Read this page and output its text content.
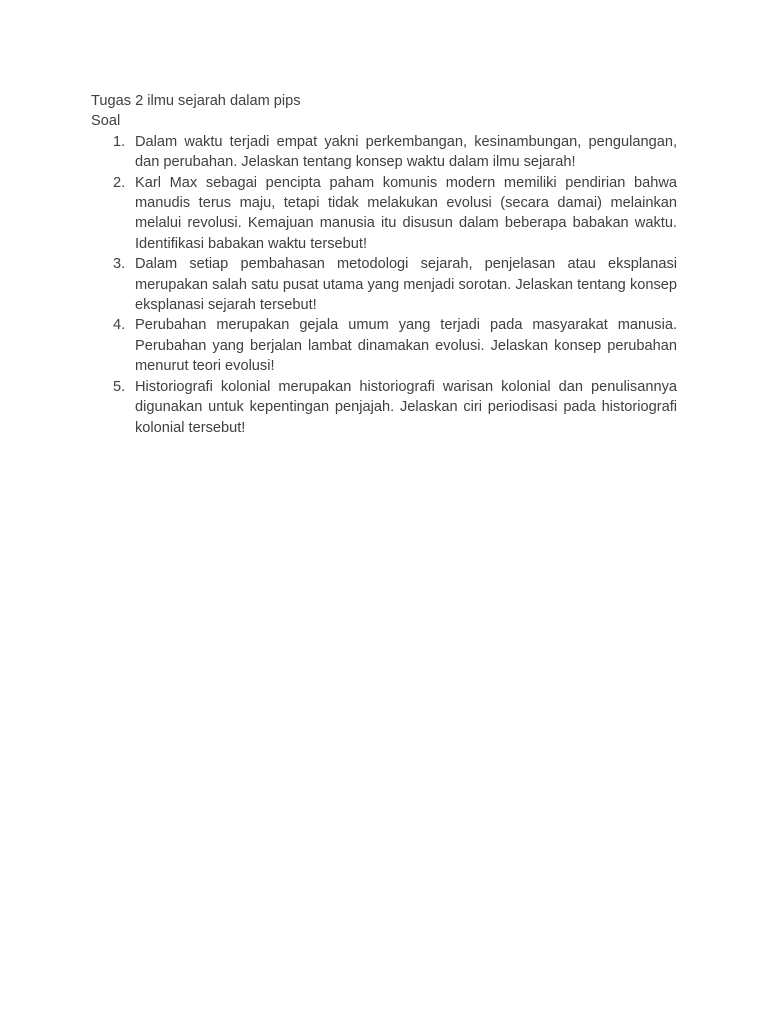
Tugas 2 ilmu sejarah dalam pips

Soal

1. Dalam waktu terjadi empat yakni perkembangan, kesinambungan, pengulangan, dan perubahan. Jelaskan tentang konsep waktu dalam ilmu sejarah!
2. Karl Max sebagai pencipta paham komunis modern memiliki pendirian bahwa manudis terus maju, tetapi tidak melakukan evolusi (secara damai) melainkan melalui revolusi. Kemajuan manusia itu disusun dalam beberapa babakan waktu. Identifikasi babakan waktu tersebut!
3. Dalam setiap pembahasan metodologi sejarah, penjelasan atau eksplanasi merupakan salah satu pusat utama yang menjadi sorotan. Jelaskan tentang konsep eksplanasi sejarah tersebut!
4. Perubahan merupakan gejala umum yang terjadi pada masyarakat manusia. Perubahan yang berjalan lambat dinamakan evolusi. Jelaskan konsep perubahan menurut teori evolusi!
5. Historiografi kolonial merupakan historiografi warisan kolonial dan penulisannya digunakan untuk kepentingan penjajah. Jelaskan ciri periodisasi pada historiografi kolonial tersebut!
